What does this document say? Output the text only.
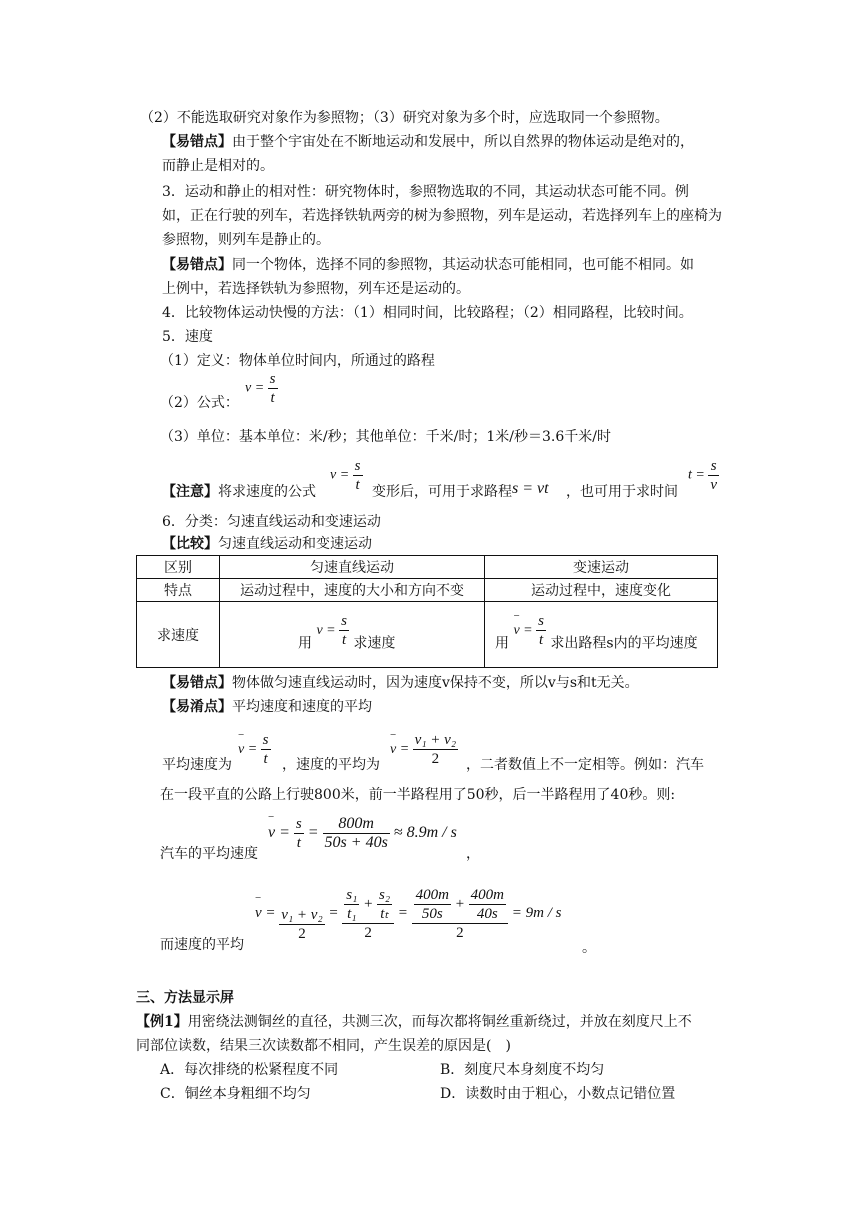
（2）不能选取研究对象作为参照物；（3）研究对象为多个时，应选取同一个参照物。
【易错点】由于整个宇宙处在不断地运动和发展中，所以自然界的物体运动是绝对的，
而静止是相对的。
3．运动和静止的相对性：研究物体时，参照物选取的不同，其运动状态可能不同。例
如，正在行驶的列车，若选择铁轨两旁的树为参照物，列车是运动，若选择列车上的座椅为
参照物，则列车是静止的。
【易错点】同一个物体，选择不同的参照物，其运动状态可能相同，也可能不相同。如
上例中，若选择铁轨为参照物，列车还是运动的。
4．比较物体运动快慢的方法：（1）相同时间，比较路程；（2）相同路程，比较时间。
5．速度
（1）定义：物体单位时间内，所通过的路程
（2）公式：
$v = \frac{s}{t}$
（3）单位：基本单位：米/秒；其他单位：千米/时；1米/秒＝3.6千米/时
【注意】将求速度的公式
$v = \frac{s}{t}$ 变形后，可用于求路程 s = vt ，也可用于求时间
$t = \frac{s}{v}$
6．分类：匀速直线运动和变速运动
【比较】匀速直线运动和变速运动
区别	匀速直线运动	变速运动
特点	运动过程中，速度的大小和方向不变	运动过程中，速度变化
求速度	用 $v = \frac{s}{t}$ 求速度	用 − $v = \frac{s}{t}$ 求出路程s内的平均速度
【易错点】物体做匀速直线运动时，因为速度v保持不变，所以v与s和t无关。
【易淆点】平均速度和速度的平均
平均速度为
− $v = \frac{s}{t}$ ，速度的平均为
− $v = \frac{\text{v₁ + v₂}}{2}$ ，二者数值上不一定相等。例如：汽车
在一段平直的公路上行驶800米，前一半路程用了50秒，后一半路程用了40秒。则:
汽车的平均速度
− $v = \frac{s}{t} = \frac{800m}{50s + 40s} \approx 8.9m / s$
，
而速度的平均
− $v = \frac{\text{v₁ + v₂}}{2} = \frac{\frac{\text{s₁}}{\text{t₁}} + \frac{\text{s₂}}{\text{tₜ}}}{2} = \frac{\frac{400m}{50s} + \frac{400m}{40s}}{2} = 9m / s$
。
三、方法显示屏
【例1】用密绕法测铜丝的直径，共测三次，而每次都将铜丝重新绕过，并放在刻度尺上不
同部位读数，结果三次读数都不相同，产生误差的原因是(　)
A．每次排绕的松紧程度不同	B．刻度尺本身刻度不均匀
C．铜丝本身粗细不均匀	D．读数时由于粗心，小数点记错位置
